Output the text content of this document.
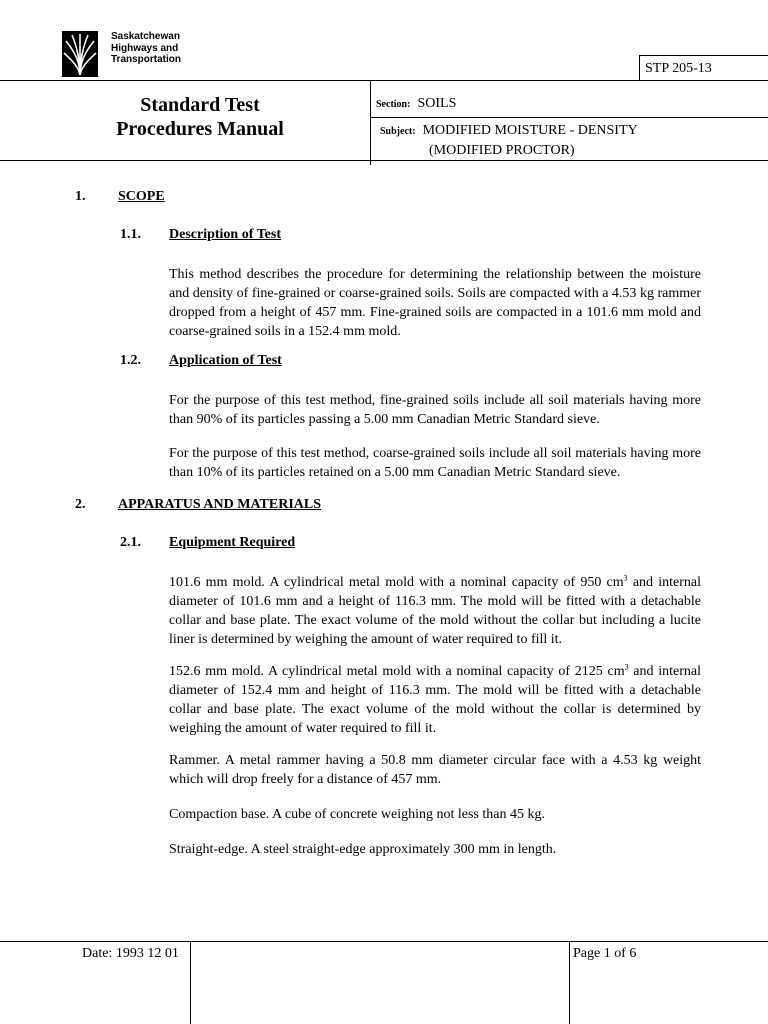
Saskatchewan
Highways and
Transportation
STP 205-13
Standard Test
Procedures Manual
Section: SOILS
Subject: MODIFIED MOISTURE - DENSITY
(MODIFIED PROCTOR)
1. SCOPE
1.1. Description of Test
This method describes the procedure for determining the relationship between the moisture and density of fine-grained or coarse-grained soils. Soils are compacted with a 4.53 kg rammer dropped from a height of 457 mm. Fine-grained soils are compacted in a 101.6 mm mold and coarse-grained soils in a 152.4 mm mold.
1.2. Application of Test
For the purpose of this test method, fine-grained soils include all soil materials having more than 90% of its particles passing a 5.00 mm Canadian Metric Standard sieve.
For the purpose of this test method, coarse-grained soils include all soil materials having more than 10% of its particles retained on a 5.00 mm Canadian Metric Standard sieve.
2. APPARATUS AND MATERIALS
2.1. Equipment Required
101.6 mm mold. A cylindrical metal mold with a nominal capacity of 950 $cm^3$ and internal diameter of 101.6 mm and a height of 116.3 mm. The mold will be fitted with a detachable collar and base plate. The exact volume of the mold without the collar but including a lucite liner is determined by weighing the amount of water required to fill it.
152.6 mm mold. A cylindrical metal mold with a nominal capacity of 2125 $cm^3$ and internal diameter of 152.4 mm and height of 116.3 mm. The mold will be fitted with a detachable collar and base plate. The exact volume of the mold without the collar is determined by weighing the amount of water required to fill it.
Rammer. A metal rammer having a 50.8 mm diameter circular face with a 4.53 kg weight which will drop freely for a distance of 457 mm.
Compaction base. A cube of concrete weighing not less than 45 kg.
Straight-edge. A steel straight-edge approximately 300 mm in length.
Date: 1993 12 01	Page 1 of 6
